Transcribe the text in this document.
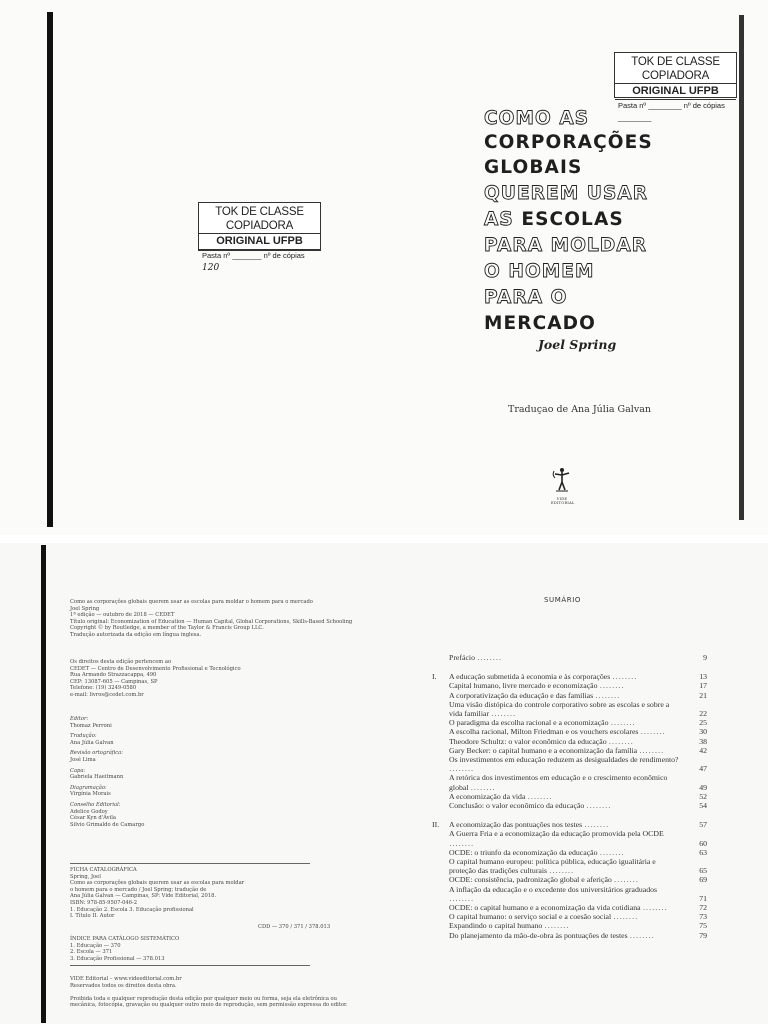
TOK DE CLASSE COPIADORA
ORIGINAL UFPB
Pasta nº ________ nº de cópias ________
TOK DE CLASSE COPIADORA
ORIGINAL UFPB
Pasta nº _______ nº de cópias 120
COMO AS
CORPORAÇÕES
GLOBAIS
QUEREM USAR
AS ESCOLAS
PARA MOLDAR
O HOMEM
PARA O
MERCADO
Joel Spring
Traduçao de Ana Júlia Galvan
VIDE EDITORIAL
Como as corporações globais querem usar as escolas para moldar o homem para o mercado
Joel Spring
1ª edição — outubro de 2018 — CEDET
Título original: Economization of Education — Human Capital, Global Corporations, Skills-Based Schooling
Copyright © by Routledge, a member of the Taylor & Francis Group LLC.
Tradução autorizada da edição em língua inglesa.
Os direitos desta edição pertencem ao
CEDET — Centro de Desenvolvimento Profissional e Tecnológico
Rua Armando Strazzacappa, 490
CEP: 13087-605 — Campinas, SP
Telefone: (19) 3249-0580
e-mail: livros@cedet.com.br
Editor:
Thomaz Perroni
Tradução:
Ana Júlia Galvan
Revisão ortográfica:
José Lima
Capa:
Gabriela Haeitmann
Diagramação:
Virgínia Morais
Conselho Editorial:
Adelice Godoy
César Kyn d'Ávila
Silvio Grimaldo de Camargo
FICHA CATALOGRÁFICA
Spring, Joel
Como as corporações globais querem usar as escolas para moldar
o homem para o mercado / Joel Spring; tradução de
Ana Júlia Galvan — Campinas, SP: Vide Editorial, 2018.
ISBN: 978-85-9507-046-2
1. Educação 2. Escola 3. Educação profissional
I. Título II. Autor
CDD — 370 / 371 / 378.013
ÍNDICE PARA CATÁLOGO SISTEMÁTICO
1. Educação — 370
2. Escola — 371
3. Educação Profissional — 378.013
VIDE Editorial – www.videeditorial.com.br
Reservados todos os direitos desta obra.

Proibida toda e qualquer reprodução desta edição por qualquer meio ou forma, seja ela eletrônica ou
mecânica, fotocópia, gravação ou qualquer outro meio de reprodução, sem permissão expressa do editor.
SUMÁRIO
Prefácio ․․․․․․․․	9
I. A educação submetida à economia e às corporações ․․․․․․․․	13
Capital humano, livre mercado e economização ․․․․․․․․	17
A corporativização da educação e das famílias ․․․․․․․․	21
Uma visão distópica do controle corporativo sobre as escolas e sobre a vida familiar ․․․․․․․․	22
O paradigma da escolha racional e a economização ․․․․․․․․	25
A escolha racional, Milton Friedman e os vouchers escolares ․․․․․․․․	30
Theodore Schultz: o valor econômico da educação ․․․․․․․․	38
Gary Becker: o capital humano e a economização da família ․․․․․․․․	42
Os investimentos em educação reduzem as desigualdades de rendimento? ․․․․․․․․	47
A retórica dos investimentos em educação e o crescimento econômico global ․․․․․․․․	49
A economização da vida ․․․․․․․․	52
Conclusão: o valor econômico da educação ․․․․․․․․	54
II. A economização das pontuações nos testes ․․․․․․․․	57
A Guerra Fria e a economização da educação promovida pela OCDE ․․․․․․․․	60
OCDE: o triunfo da economização da educação ․․․․․․․․	63
O capital humano europeu: política pública, educação igualitária e proteção das tradições culturais ․․․․․․․․	65
OCDE: consistência, padronização global e aferição ․․․․․․․․	69
A inflação da educação e o excedente dos universitários graduados ․․․․․․․․	71
OCDE: o capital humano e a economização da vida cotidiana ․․․․․․․․	72
O capital humano: o serviço social e a coesão social ․․․․․․․․	73
Expandindo o capital humano ․․․․․․․․	75
Do planejamento da mão-de-obra às pontuações de testes ․․․․․․․․	79
